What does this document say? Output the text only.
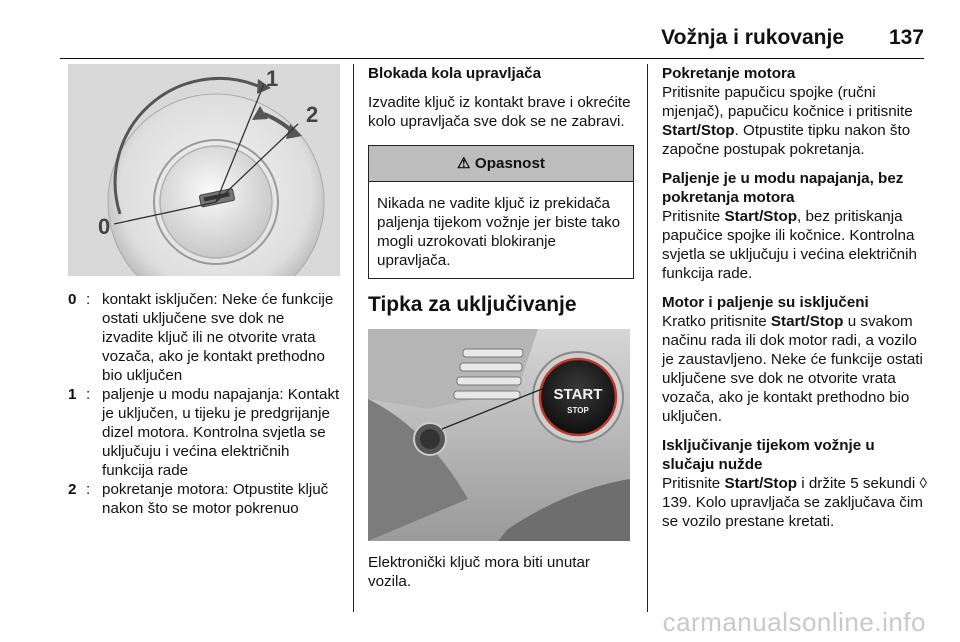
Vožnja i rukovanje 137
1
2
0
0 : kontakt isključen: Neke će funkcije ostati uključene sve dok ne izvadite ključ ili ne otvorite vrata vozača, ako je kontakt prethodno bio uključen
1 : paljenje u modu napajanja: Kontakt je uključen, u tijeku je predgrijanje dizel motora. Kontrolna svjetla se uključuju i većina električnih funkcija rade
2 : pokretanje motora: Otpustite ključ nakon što se motor pokrenuo
Blokada kola upravljača

Izvadite ključ iz kontakt brave i okrećite kolo upravljača sve dok se ne zabravi.

⚠ Opasnost
Nikada ne vadite ključ iz prekidača paljenja tijekom vožnje jer biste tako mogli uzrokovati blokiranje upravljača.
Tipka za uključivanje
START
STOP

Elektronički ključ mora biti unutar vozila.

Pokretanje motora

Pritisnite papučicu spojke (ručni mjenjač), papučicu kočnice i pritisnite Start/Stop. Otpustite tipku nakon što započne postupak pokretanja.

Paljenje je u modu napajanja, bez pokretanja motora

Pritisnite Start/Stop, bez pritiskanja papučice spojke ili kočnice. Kontrolna svjetla se uključuju i većina električnih funkcija rade.

Motor i paljenje su isključeni

Kratko pritisnite Start/Stop u svakom načinu rada ili dok motor radi, a vozilo je zaustavljeno. Neke će funkcije ostati uključene sve dok ne otvorite vrata vozača, ako je kontakt prethodno bio uključen.

Isključivanje tijekom vožnje u slučaju nužde

Pritisnite Start/Stop i držite 5 sekundi ◊ 139. Kolo upravljača se zaključava čim se vozilo prestane kretati.

carmanualsonline.info
